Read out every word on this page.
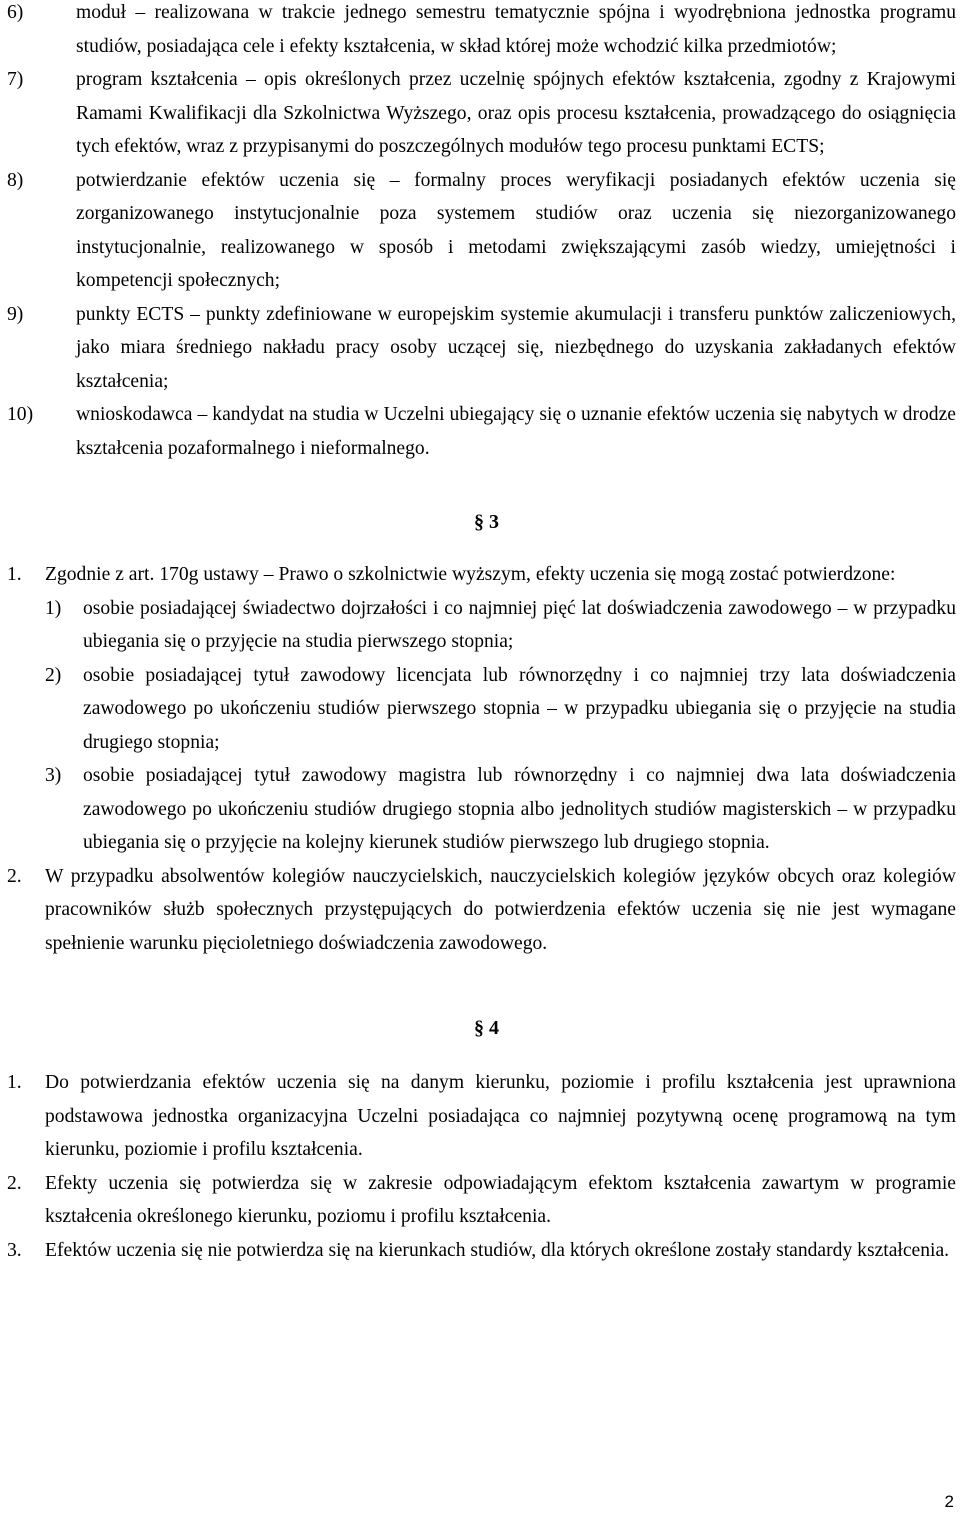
6)	moduł – realizowana w trakcie jednego semestru tematycznie spójna i wyodrębniona jednostka programu studiów, posiadająca cele i efekty kształcenia, w skład której może wchodzić kilka przedmiotów;
7)	program kształcenia – opis określonych przez uczelnię spójnych efektów kształcenia, zgodny z Krajowymi Ramami Kwalifikacji dla Szkolnictwa Wyższego, oraz opis procesu kształcenia, prowadzącego do osiągnięcia tych efektów, wraz z przypisanymi do poszczególnych modułów tego procesu punktami ECTS;
8)	potwierdzanie efektów uczenia się – formalny proces weryfikacji posiadanych efektów uczenia się zorganizowanego instytucjonalnie poza systemem studiów oraz uczenia się niezorganizowanego instytucjonalnie, realizowanego w sposób i metodami zwiększającymi zasób wiedzy, umiejętności i kompetencji społecznych;
9)	punkty ECTS – punkty zdefiniowane w europejskim systemie akumulacji i transferu punktów zaliczeniowych, jako miara średniego nakładu pracy osoby uczącej się, niezbędnego do uzyskania zakładanych efektów kształcenia;
10)	wnioskodawca – kandydat na studia w Uczelni ubiegający się o uznanie efektów uczenia się nabytych w drodze kształcenia pozaformalnego i nieformalnego.
§ 3
1.	Zgodnie z art. 170g ustawy – Prawo o szkolnictwie wyższym, efekty uczenia się mogą zostać potwierdzone:
1)	osobie posiadającej świadectwo dojrzałości i co najmniej pięć lat doświadczenia zawodowego – w przypadku ubiegania się o przyjęcie na studia pierwszego stopnia;
2)	osobie posiadającej tytuł zawodowy licencjata lub równorzędny i co najmniej trzy lata doświadczenia zawodowego po ukończeniu studiów pierwszego stopnia – w przypadku ubiegania się o przyjęcie na studia drugiego stopnia;
3)	osobie posiadającej tytuł zawodowy magistra lub równorzędny i co najmniej dwa lata doświadczenia zawodowego po ukończeniu studiów drugiego stopnia albo jednolitych studiów magisterskich – w przypadku ubiegania się o przyjęcie na kolejny kierunek studiów pierwszego lub drugiego stopnia.
2.	W przypadku absolwentów kolegiów nauczycielskich, nauczycielskich kolegiów języków obcych oraz kolegiów pracowników służb społecznych przystępujących do potwierdzenia efektów uczenia się nie jest wymagane spełnienie warunku pięcioletniego doświadczenia zawodowego.
§ 4
1.	Do potwierdzania efektów uczenia się na danym kierunku, poziomie i profilu kształcenia jest uprawniona podstawowa jednostka organizacyjna Uczelni posiadająca co najmniej pozytywną ocenę programową na tym kierunku, poziomie i profilu kształcenia.
2.	Efekty uczenia się potwierdza się w zakresie odpowiadającym efektom kształcenia zawartym w programie kształcenia określonego kierunku, poziomu i profilu kształcenia.
3.	Efektów uczenia się nie potwierdza się na kierunkach studiów, dla których określone zostały standardy kształcenia.
2
